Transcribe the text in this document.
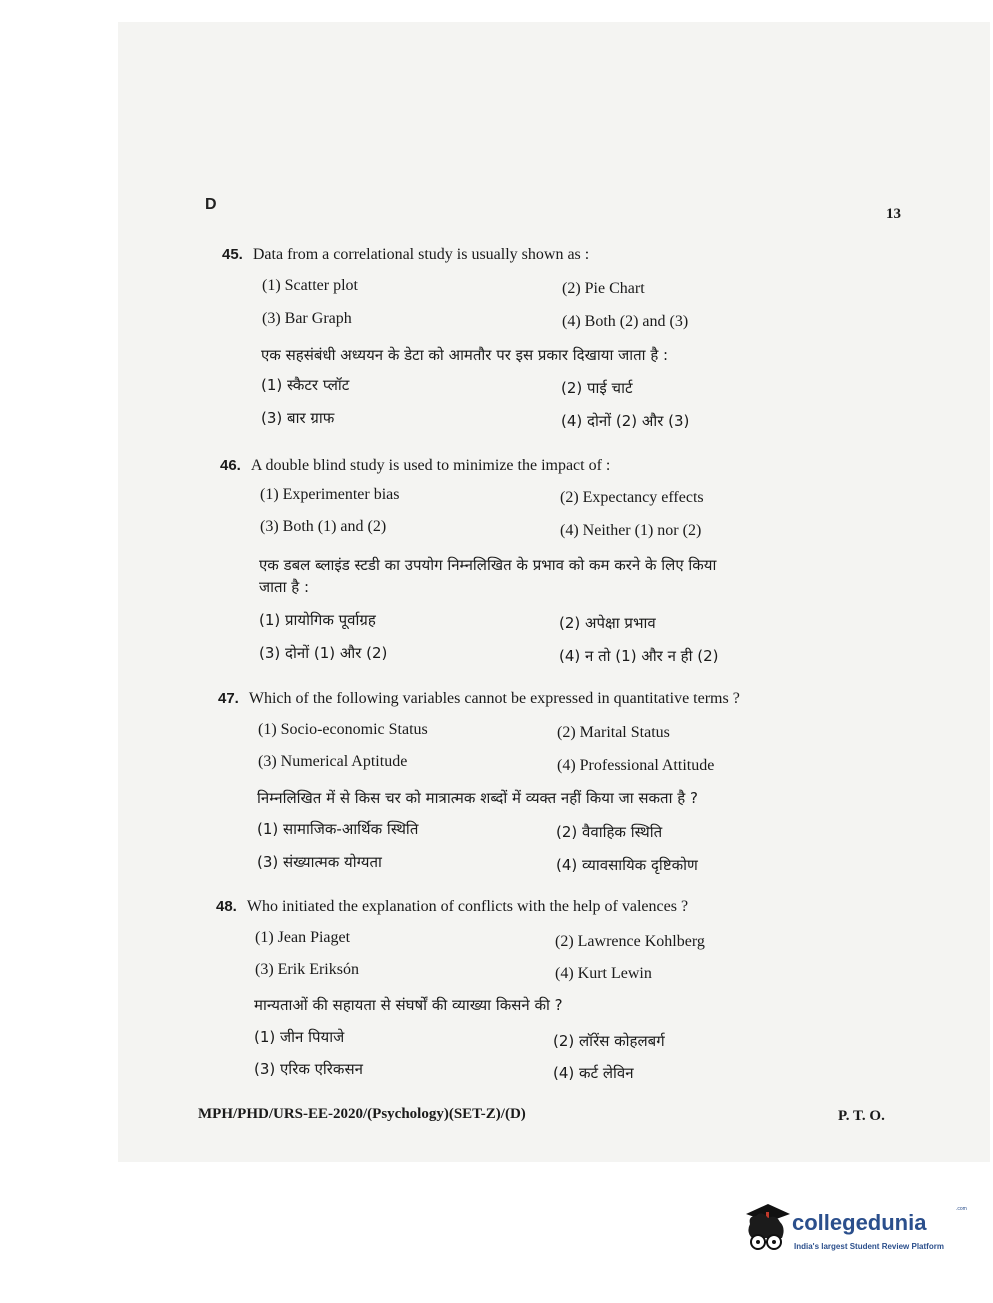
D
13
45. Data from a correlational study is usually shown as :
(1) Scatter plot	(2) Pie Chart
(3) Bar Graph	(4) Both (2) and (3)
एक सहसंबंधी अध्ययन के डेटा को आमतौर पर इस प्रकार दिखाया जाता है :
(1) स्कैटर प्लॉट	(2) पाई चार्ट
(3) बार ग्राफ	(4) दोनों (2) और (3)
46. A double blind study is used to minimize the impact of :
(1) Experimenter bias	(2) Expectancy effects
(3) Both (1) and (2)	(4) Neither (1) nor (2)
एक डबल ब्लाइंड स्टडी का उपयोग निम्नलिखित के प्रभाव को कम करने के लिए किया
जाता है :
(1) प्रायोगिक पूर्वाग्रह	(2) अपेक्षा प्रभाव
(3) दोनों (1) और (2)	(4) न तो (1) और न ही (2)
47. Which of the following variables cannot be expressed in quantitative terms ?
(1) Socio-economic Status	(2) Marital Status
(3) Numerical Aptitude	(4) Professional Attitude
निम्नलिखित में से किस चर को मात्रात्मक शब्दों में व्यक्त नहीं किया जा सकता है ?
(1) सामाजिक-आर्थिक स्थिति	(2) वैवाहिक स्थिति
(3) संख्यात्मक योग्यता	(4) व्यावसायिक दृष्टिकोण
48. Who initiated the explanation of conflicts with the help of valences ?
(1) Jean Piaget	(2) Lawrence Kohlberg
(3) Erik Eriksón	(4) Kurt Lewin
मान्यताओं की सहायता से संघर्षों की व्याख्या किसने की ?
(1) जीन पियाजे	(2) लॉरेंस कोहलबर्ग
(3) एरिक एरिकसन	(4) कर्ट लेविन
MPH/PHD/URS-EE-2020/(Psychology)(SET-Z)/(D)	P. T. O.
collegedunia
.com
India's largest Student Review Platform
